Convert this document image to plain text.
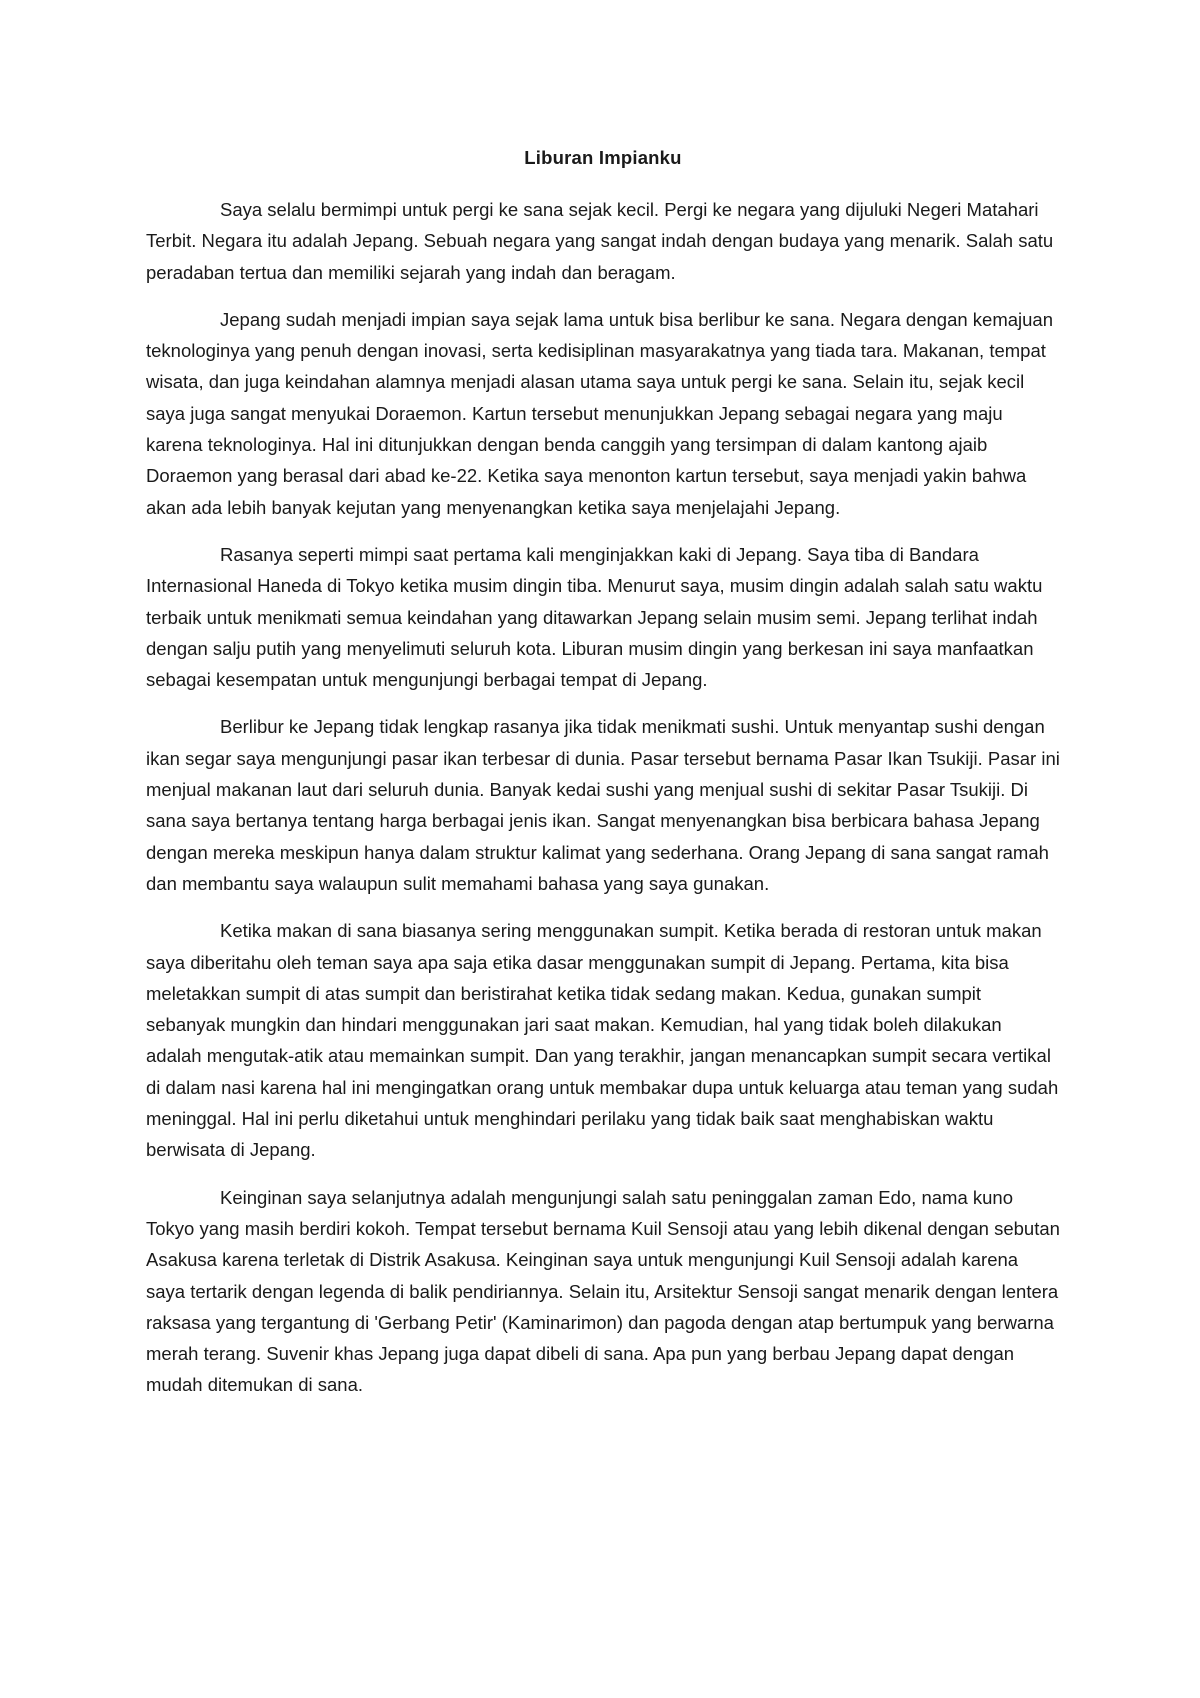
Liburan Impianku

Saya selalu bermimpi untuk pergi ke sana sejak kecil. Pergi ke negara yang dijuluki Negeri Matahari Terbit. Negara itu adalah Jepang. Sebuah negara yang sangat indah dengan budaya yang menarik. Salah satu peradaban tertua dan memiliki sejarah yang indah dan beragam.

Jepang sudah menjadi impian saya sejak lama untuk bisa berlibur ke sana. Negara dengan kemajuan teknologinya yang penuh dengan inovasi, serta kedisiplinan masyarakatnya yang tiada tara. Makanan, tempat wisata, dan juga keindahan alamnya menjadi alasan utama saya untuk pergi ke sana. Selain itu, sejak kecil saya juga sangat menyukai Doraemon. Kartun tersebut menunjukkan Jepang sebagai negara yang maju karena teknologinya. Hal ini ditunjukkan dengan benda canggih yang tersimpan di dalam kantong ajaib Doraemon yang berasal dari abad ke-22. Ketika saya menonton kartun tersebut, saya menjadi yakin bahwa akan ada lebih banyak kejutan yang menyenangkan ketika saya menjelajahi Jepang.

Rasanya seperti mimpi saat pertama kali menginjakkan kaki di Jepang. Saya tiba di Bandara Internasional Haneda di Tokyo ketika musim dingin tiba. Menurut saya, musim dingin adalah salah satu waktu terbaik untuk menikmati semua keindahan yang ditawarkan Jepang selain musim semi. Jepang terlihat indah dengan salju putih yang menyelimuti seluruh kota. Liburan musim dingin yang berkesan ini saya manfaatkan sebagai kesempatan untuk mengunjungi berbagai tempat di Jepang.

Berlibur ke Jepang tidak lengkap rasanya jika tidak menikmati sushi. Untuk menyantap sushi dengan ikan segar saya mengunjungi pasar ikan terbesar di dunia. Pasar tersebut bernama Pasar Ikan Tsukiji. Pasar ini menjual makanan laut dari seluruh dunia. Banyak kedai sushi yang menjual sushi di sekitar Pasar Tsukiji. Di sana saya bertanya tentang harga berbagai jenis ikan. Sangat menyenangkan bisa berbicara bahasa Jepang dengan mereka meskipun hanya dalam struktur kalimat yang sederhana. Orang Jepang di sana sangat ramah dan membantu saya walaupun sulit memahami bahasa yang saya gunakan.

Ketika makan di sana biasanya sering menggunakan sumpit. Ketika berada di restoran untuk makan saya diberitahu oleh teman saya apa saja etika dasar menggunakan sumpit di Jepang. Pertama, kita bisa meletakkan sumpit di atas sumpit dan beristirahat ketika tidak sedang makan. Kedua, gunakan sumpit sebanyak mungkin dan hindari menggunakan jari saat makan. Kemudian, hal yang tidak boleh dilakukan adalah mengutak-atik atau memainkan sumpit. Dan yang terakhir, jangan menancapkan sumpit secara vertikal di dalam nasi karena hal ini mengingatkan orang untuk membakar dupa untuk keluarga atau teman yang sudah meninggal. Hal ini perlu diketahui untuk menghindari perilaku yang tidak baik saat menghabiskan waktu berwisata di Jepang.

Keinginan saya selanjutnya adalah mengunjungi salah satu peninggalan zaman Edo, nama kuno Tokyo yang masih berdiri kokoh. Tempat tersebut bernama Kuil Sensoji atau yang lebih dikenal dengan sebutan Asakusa karena terletak di Distrik Asakusa. Keinginan saya untuk mengunjungi Kuil Sensoji adalah karena saya tertarik dengan legenda di balik pendiriannya. Selain itu, Arsitektur Sensoji sangat menarik dengan lentera raksasa yang tergantung di 'Gerbang Petir' (Kaminarimon) dan pagoda dengan atap bertumpuk yang berwarna merah terang. Suvenir khas Jepang juga dapat dibeli di sana. Apa pun yang berbau Jepang dapat dengan mudah ditemukan di sana.
